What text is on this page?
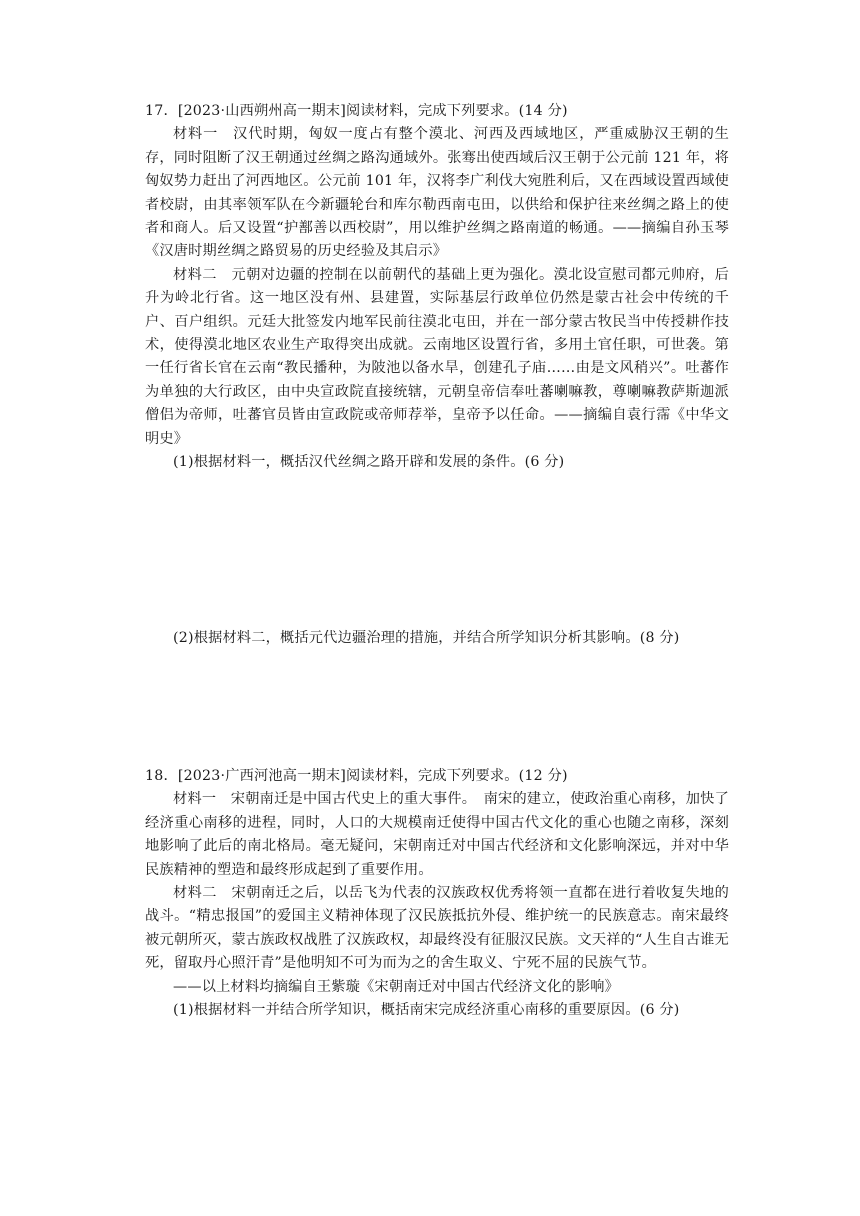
17．[2023·山西朔州高一期末]阅读材料，完成下列要求。(14 分)

材料一　汉代时期，匈奴一度占有整个漠北、河西及西域地区，严重威胁汉王朝的生存，同时阻断了汉王朝通过丝绸之路沟通域外。张骞出使西域后汉王朝于公元前 121 年，将匈奴势力赶出了河西地区。公元前 101 年，汉将李广利伐大宛胜利后，又在西域设置西域使者校尉，由其率领军队在今新疆轮台和库尔勒西南屯田，以供给和保护往来丝绸之路上的使者和商人。后又设置“护鄯善以西校尉”，用以维护丝绸之路南道的畅通。——摘编自孙玉琴《汉唐时期丝绸之路贸易的历史经验及其启示》

材料二　元朝对边疆的控制在以前朝代的基础上更为强化。漠北设宣慰司都元帅府，后升为岭北行省。这一地区没有州、县建置，实际基层行政单位仍然是蒙古社会中传统的千户、百户组织。元廷大批签发内地军民前往漠北屯田，并在一部分蒙古牧民当中传授耕作技术，使得漠北地区农业生产取得突出成就。云南地区设置行省，多用土官任职，可世袭。第一任行省长官在云南“教民播种，为陂池以备水旱，创建孔子庙……由是文风稍兴”。吐蕃作为单独的大行政区，由中央宣政院直接统辖，元朝皇帝信奉吐蕃喇嘛教，尊喇嘛教萨斯迦派僧侣为帝师，吐蕃官员皆由宣政院或帝师荐举，皇帝予以任命。——摘编自袁行霈《中华文明史》

(1)根据材料一，概括汉代丝绸之路开辟和发展的条件。(6 分)

(2)根据材料二，概括元代边疆治理的措施，并结合所学知识分析其影响。(8 分)

18．[2023·广西河池高一期末]阅读材料，完成下列要求。(12 分)

材料一　宋朝南迁是中国古代史上的重大事件。　南宋的建立，使政治重心南移，加快了经济重心南移的进程，同时，人口的大规模南迁使得中国古代文化的重心也随之南移，深刻地影响了此后的南北格局。毫无疑问，宋朝南迁对中国古代经济和文化影响深远，并对中华民族精神的塑造和最终形成起到了重要作用。

材料二　宋朝南迁之后，以岳飞为代表的汉族政权优秀将领一直都在进行着收复失地的战斗。“精忠报国”的爱国主义精神体现了汉民族抵抗外侵、维护统一的民族意志。南宋最终被元朝所灭，蒙古族政权战胜了汉族政权，却最终没有征服汉民族。文天祥的“人生自古谁无死，留取丹心照汗青”是他明知不可为而为之的舍生取义、宁死不屈的民族气节。

——以上材料均摘编自王紫璇《宋朝南迁对中国古代经济文化的影响》

(1)根据材料一并结合所学知识，概括南宋完成经济重心南移的重要原因。(6 分)
